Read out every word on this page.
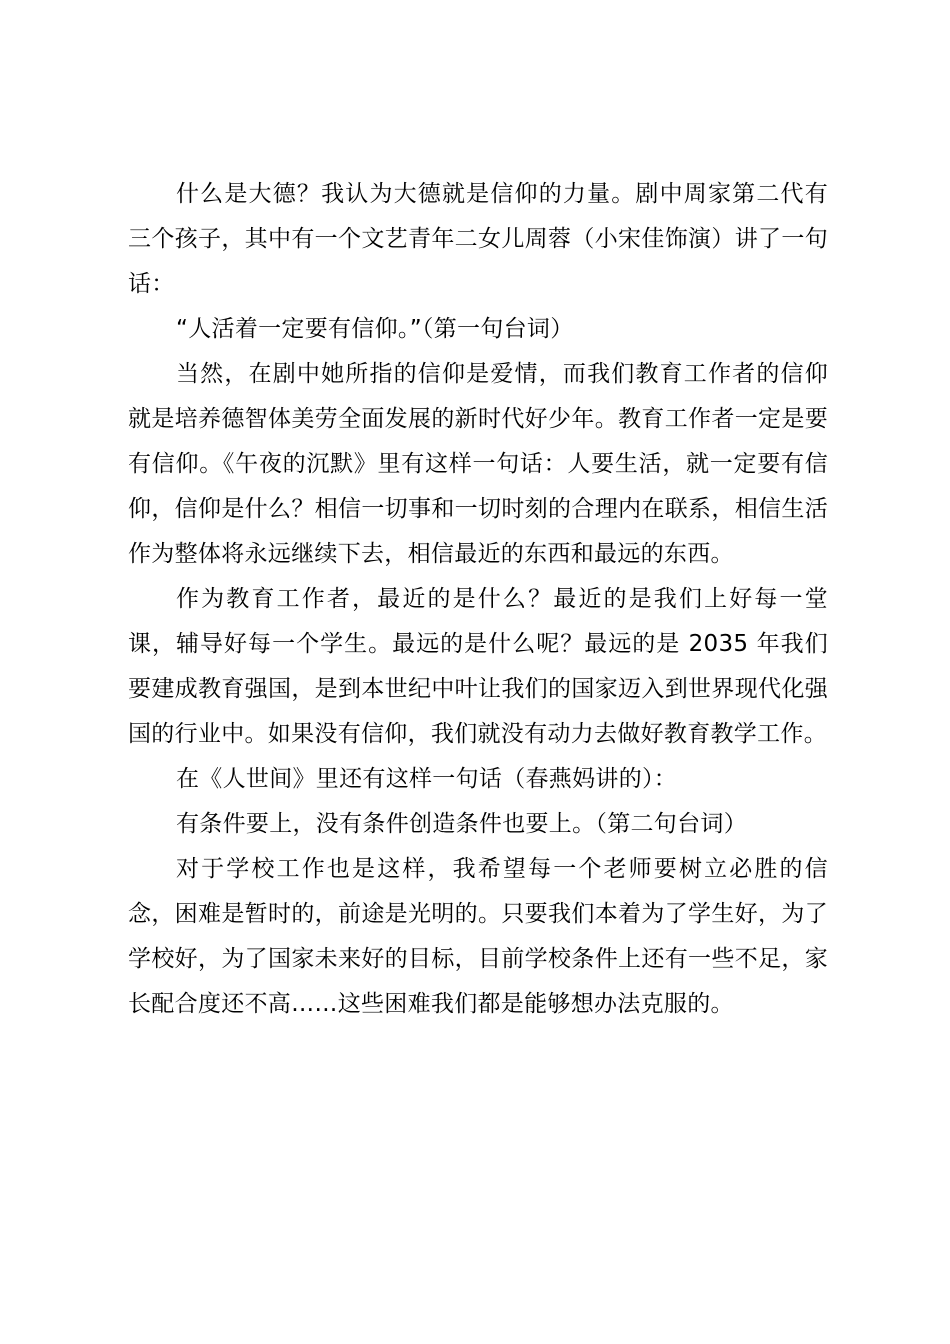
什么是大德？我认为大德就是信仰的力量。剧中周家第二代有三个孩子，其中有一个文艺青年二女儿周蓉（小宋佳饰演）讲了一句话：

“人活着一定要有信仰。”（第一句台词）

当然，在剧中她所指的信仰是爱情，而我们教育工作者的信仰就是培养德智体美劳全面发展的新时代好少年。教育工作者一定是要有信仰。《午夜的沉默》里有这样一句话：人要生活，就一定要有信仰，信仰是什么？相信一切事和一切时刻的合理内在联系，相信生活作为整体将永远继续下去，相信最近的东西和最远的东西。

作为教育工作者，最近的是什么？最近的是我们上好每一堂课，辅导好每一个学生。最远的是什么呢？最远的是 2035 年我们要建成教育强国，是到本世纪中叶让我们的国家迈入到世界现代化强国的行业中。如果没有信仰，我们就没有动力去做好教育教学工作。

在《人世间》里还有这样一句话（春燕妈讲的）：

有条件要上，没有条件创造条件也要上。（第二句台词）

对于学校工作也是这样，我希望每一个老师要树立必胜的信念，困难是暂时的，前途是光明的。只要我们本着为了学生好，为了学校好，为了国家未来好的目标，目前学校条件上还有一些不足，家长配合度还不高……这些困难我们都是能够想办法克服的。
